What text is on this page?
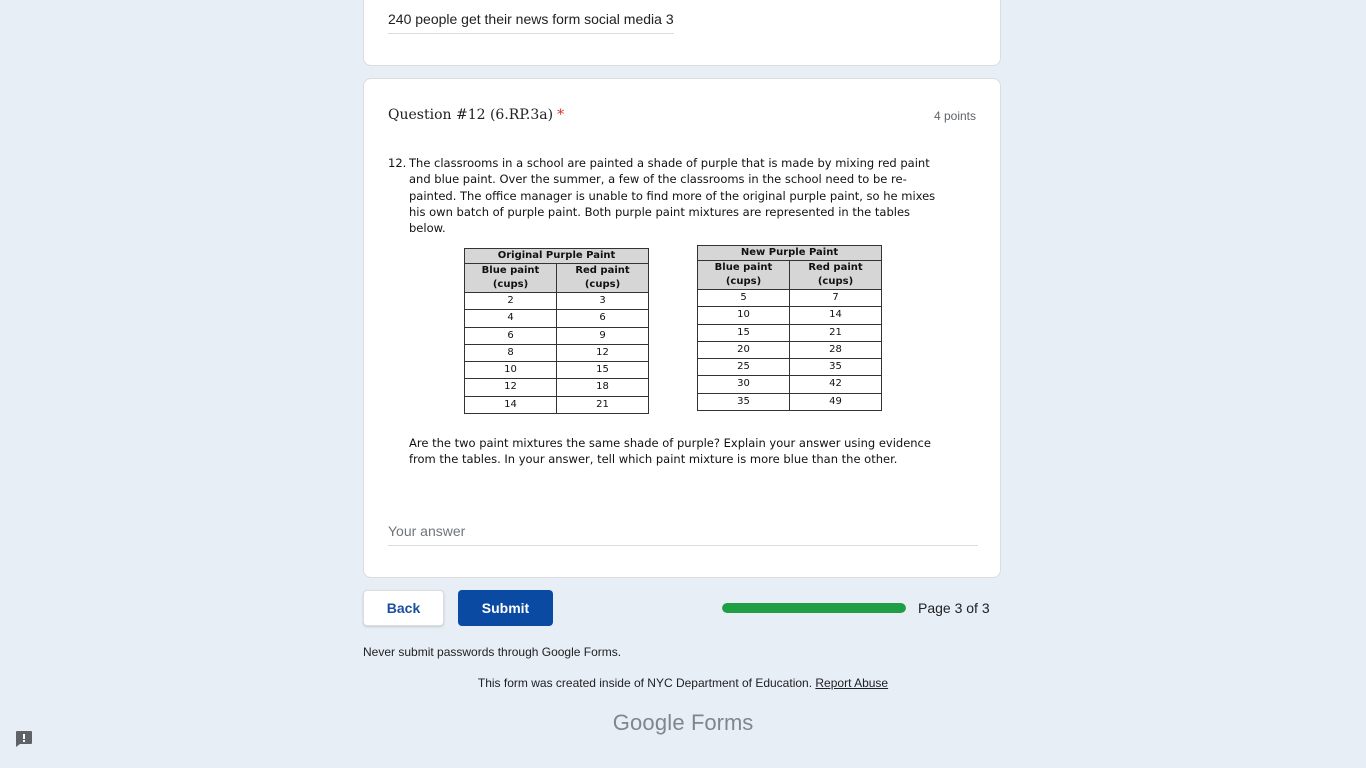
240 people get their news form social media 3
Question #12 (6.RP.3a) *	4 points
12. The classrooms in a school are painted a shade of purple that is made by mixing red paint and blue paint. Over the summer, a few of the classrooms in the school need to be re-painted. The office manager is unable to find more of the original purple paint, so he mixes his own batch of purple paint. Both purple paint mixtures are represented in the tables below.
Original Purple Paint	
Blue paint (cups)	Red paint (cups)
2	3
4	6
6	9
8	12
10	15
12	18
14	21
New Purple Paint	
Blue paint (cups)	Red paint (cups)
5	7
10	14
15	21
20	28
25	35
30	42
35	49
Are the two paint mixtures the same shade of purple? Explain your answer using evidence from the tables. In your answer, tell which paint mixture is more blue than the other.
Your answer
Back	Submit	Page 3 of 3
Never submit passwords through Google Forms.
This form was created inside of NYC Department of Education. Report Abuse
Google Forms
